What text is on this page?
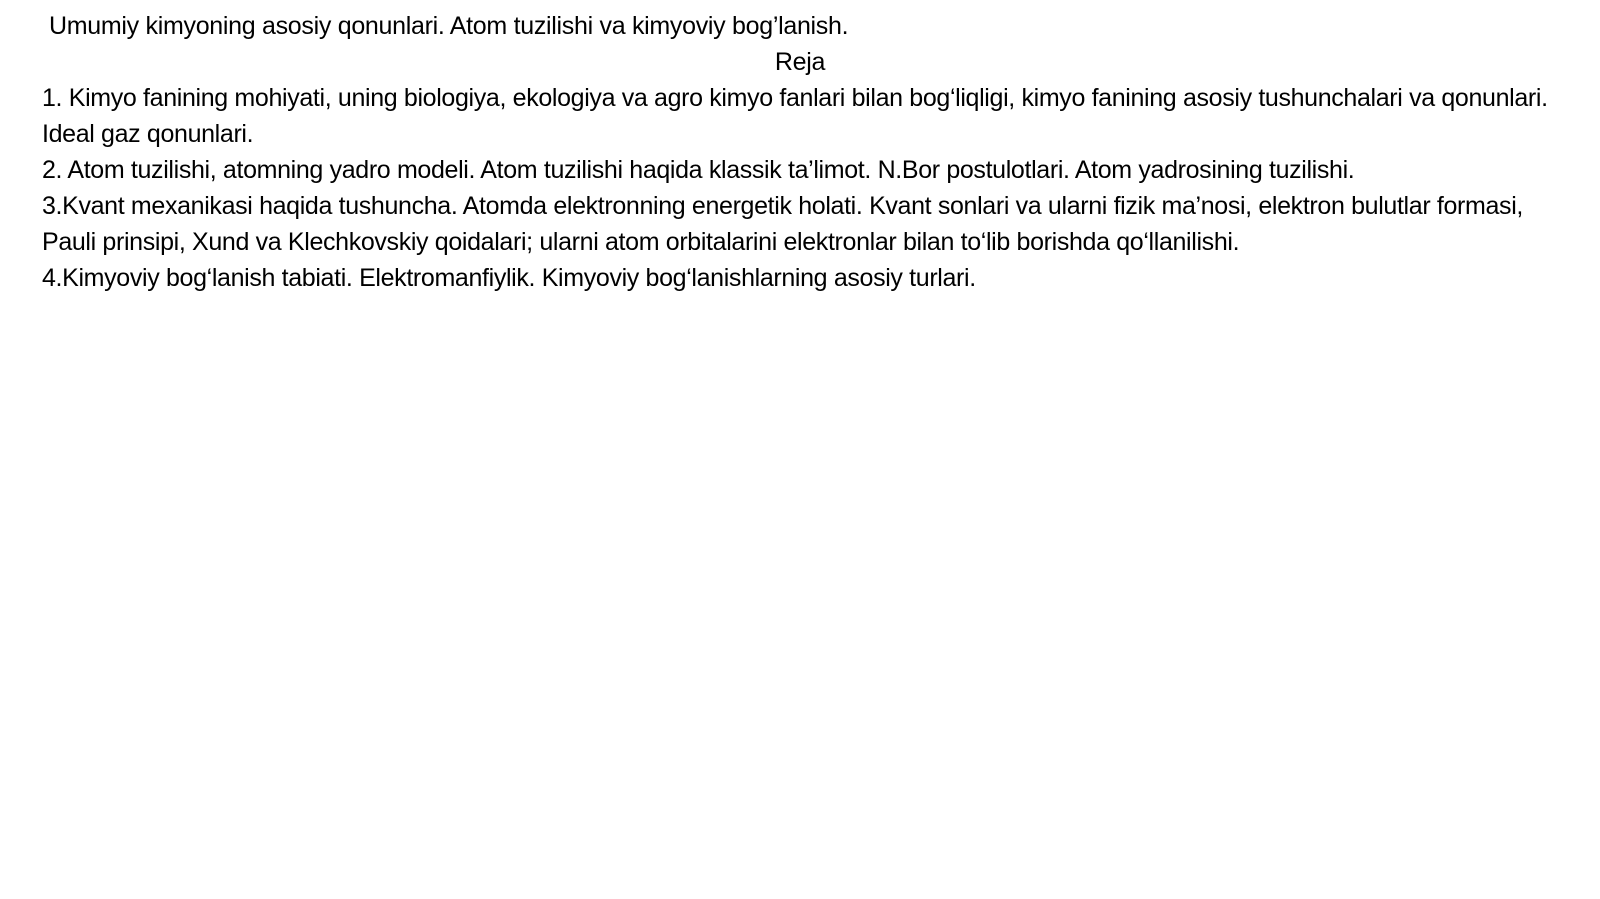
Umumiy kimyoning asosiy qonunlari. Atom tuzilishi va kimyoviy bog’lanish.
Reja
1. Kimyo fanining mohiyati, uning biologiya, ekologiya va agro kimyo fanlari bilan bog‘liqligi, kimyo fanining asosiy tushunchalari va qonunlari. Ideal gaz qonunlari.
2. Atom tuzilishi, atomning yadro modeli. Atom tuzilishi haqida klassik ta’limot. N.Bor postulotlari. Atom yadrosining tuzilishi.
3.Kvant mexanikasi haqida tushuncha. Atomda elektronning energetik holati. Kvant sonlari va ularni fizik ma’nosi, elektron bulutlar formasi, Pauli prinsipi, Xund va Klechkovskiy qoidalari; ularni atom orbitalarini elektronlar bilan to‘lib borishda qo‘llanilishi.
4.Kimyoviy bog‘lanish tabiati. Elektromanfiylik. Kimyoviy bog‘lanishlarning asosiy turlari.
